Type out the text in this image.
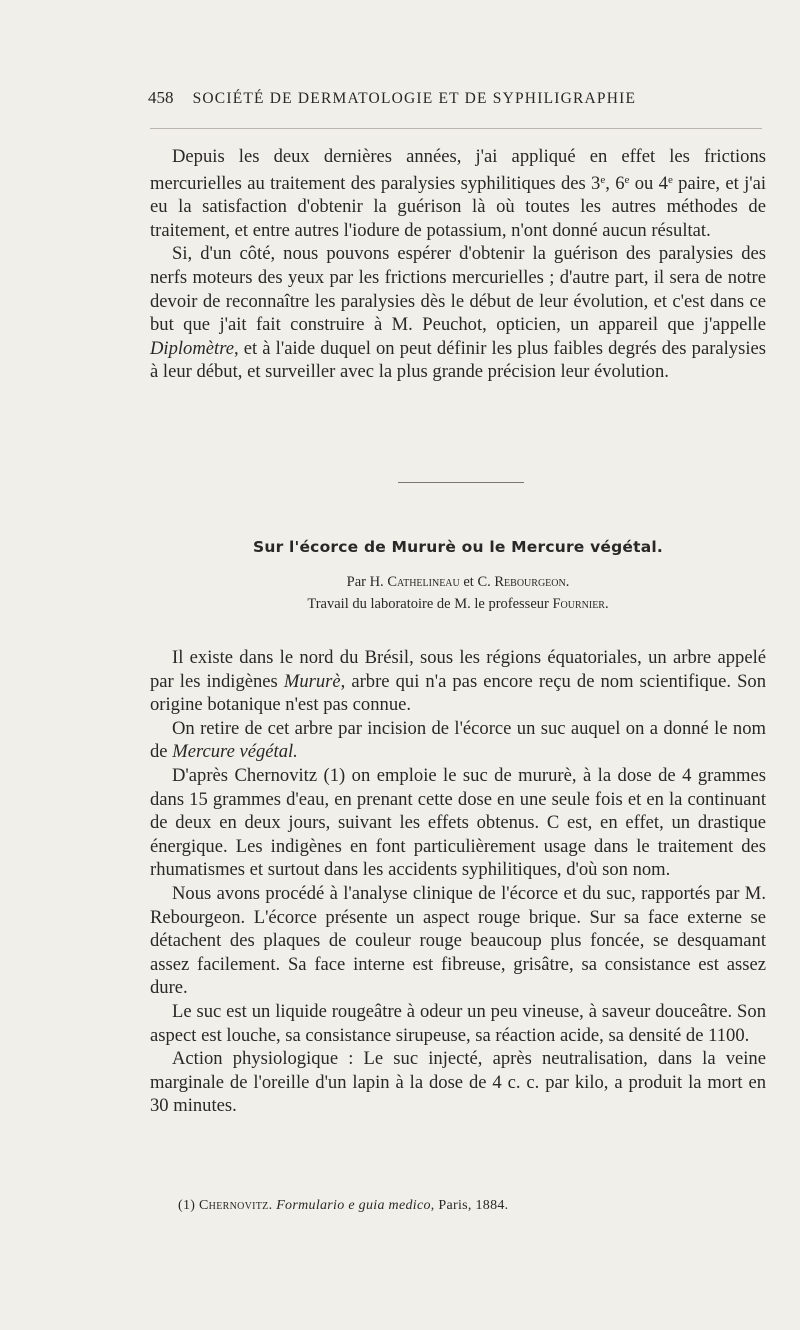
458 SOCIÉTÉ DE DERMATOLOGIE ET DE SYPHILIGRAPHIE

Depuis les deux dernières années, j'ai appliqué en effet les frictions mercurielles au traitement des paralysies syphilitiques des 3e, 6e ou 4e paire, et j'ai eu la satisfaction d'obtenir la guérison là où toutes les autres méthodes de traitement, et entre autres l'iodure de potassium, n'ont donné aucun résultat.

Si, d'un côté, nous pouvons espérer d'obtenir la guérison des paralysies des nerfs moteurs des yeux par les frictions mercurielles ; d'autre part, il sera de notre devoir de reconnaître les paralysies dès le début de leur évolution, et c'est dans ce but que j'ait fait construire à M. Peuchot, opticien, un appareil que j'appelle Diplomètre, et à l'aide duquel on peut définir les plus faibles degrés des paralysies à leur début, et surveiller avec la plus grande précision leur évolution.

Sur l'écorce de Mururè ou le Mercure végétal.
Par H. Cathelineau et C. Rebourgeon.
Travail du laboratoire de M. le professeur Fournier.

Il existe dans le nord du Brésil, sous les régions équatoriales, un arbre appelé par les indigènes Mururè, arbre qui n'a pas encore reçu de nom scientifique. Son origine botanique n'est pas connue.

On retire de cet arbre par incision de l'écorce un suc auquel on a donné le nom de Mercure végétal.

D'après Chernovitz (1) on emploie le suc de mururè, à la dose de 4 grammes dans 15 grammes d'eau, en prenant cette dose en une seule fois et en la continuant de deux en deux jours, suivant les effets obtenus. C est, en effet, un drastique énergique. Les indigènes en font particulièrement usage dans le traitement des rhumatismes et surtout dans les accidents syphilitiques, d'où son nom.

Nous avons procédé à l'analyse clinique de l'écorce et du suc, rapportés par M. Rebourgeon. L'écorce présente un aspect rouge brique. Sur sa face externe se détachent des plaques de couleur rouge beaucoup plus foncée, se desquamant assez facilement. Sa face interne est fibreuse, grisâtre, sa consistance est assez dure.

Le suc est un liquide rougeâtre à odeur un peu vineuse, à saveur douceâtre. Son aspect est louche, sa consistance sirupeuse, sa réaction acide, sa densité de 1100.

Action physiologique : Le suc injecté, après neutralisation, dans la veine marginale de l'oreille d'un lapin à la dose de 4 c. c. par kilo, a produit la mort en 30 minutes.

(1) Chernovitz. Formulario e guia medico, Paris, 1884.
